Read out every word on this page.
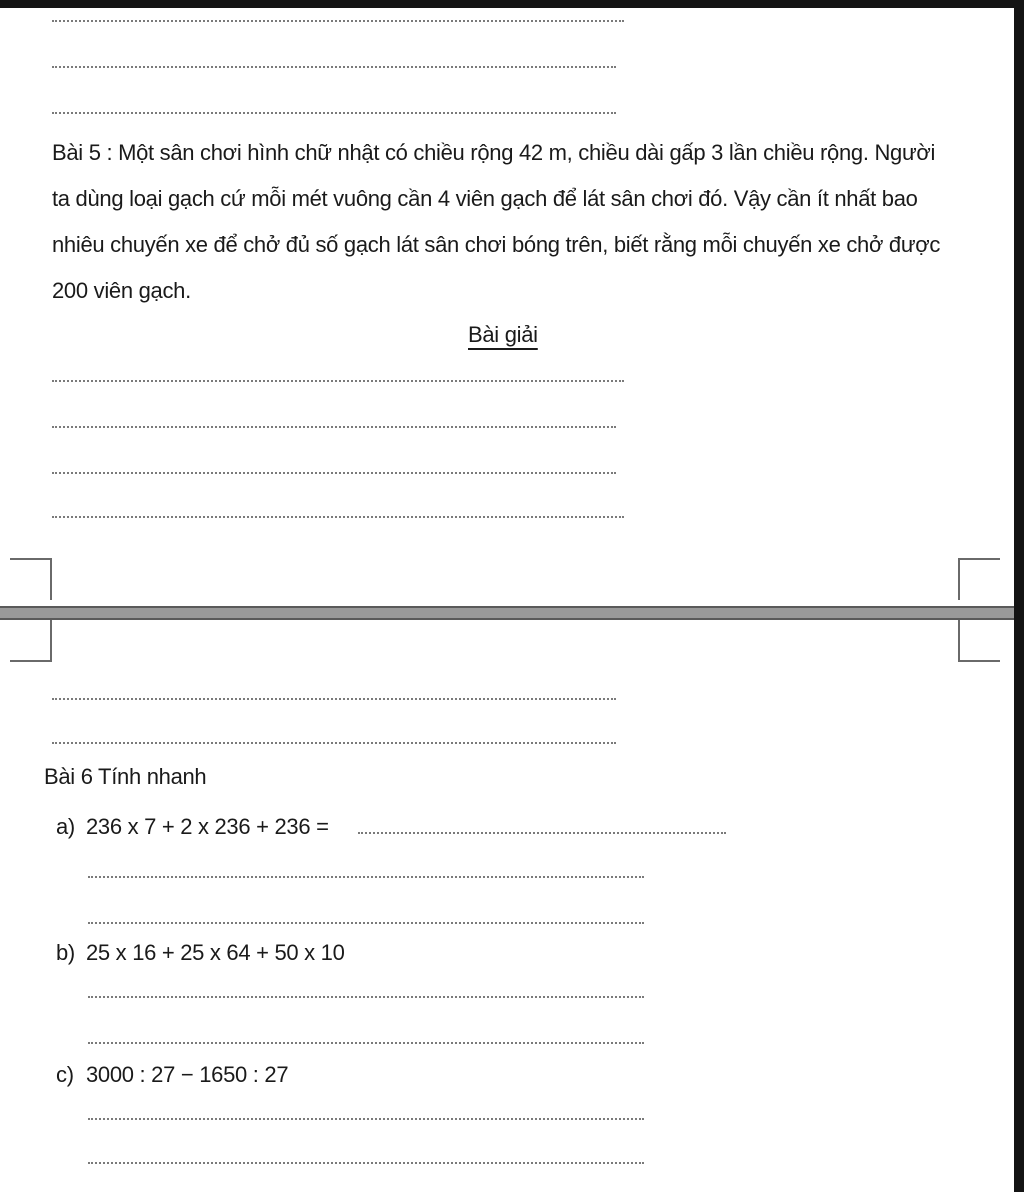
Bài 5 : Một sân chơi hình chữ nhật có chiều rộng 42 m, chiều dài gấp 3 lần chiều rộng. Người ta dùng loại gạch cứ mỗi mét vuông cần 4 viên gạch để lát sân chơi đó. Vậy cần ít nhất bao nhiêu chuyến xe để chở đủ số gạch lát sân chơi bóng trên, biết rằng mỗi chuyến xe chở được 200 viên gạch.
Bài giải
Bài 6 Tính nhanh
a) 236 x 7 + 2 x 236 + 236 =
b) 25 x 16 + 25 x 64 + 50 x 10
c) 3000 : 27 − 1650 : 27
